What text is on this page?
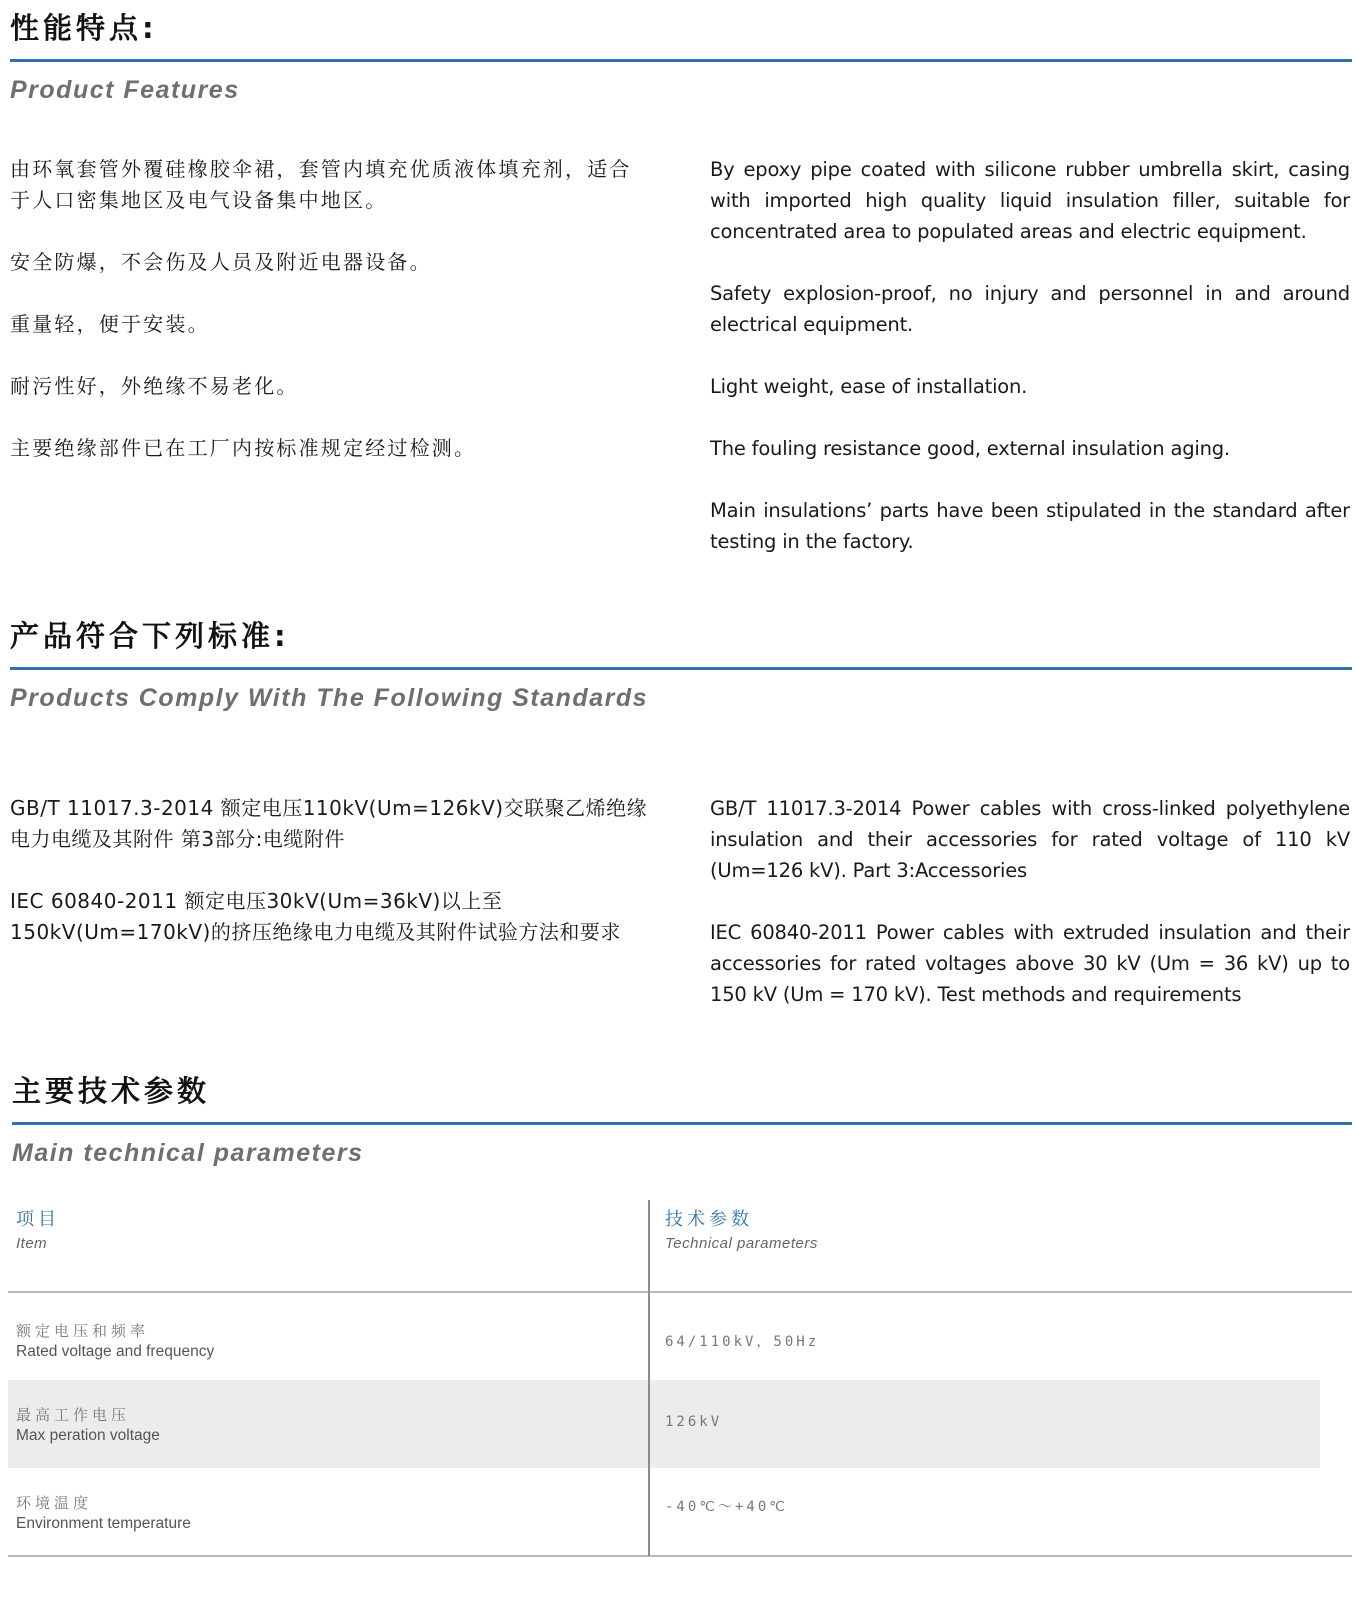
性能特点:
Product Features

由环氧套管外覆硅橡胶伞裙，套管内填充优质液体填充剂，适合于人口密集地区及电气设备集中地区。

安全防爆，不会伤及人员及附近电器设备。

重量轻，便于安装。

耐污性好，外绝缘不易老化。

主要绝缘部件已在工厂内按标准规定经过检测。

By epoxy pipe coated with silicone rubber umbrella skirt, casing with imported high quality liquid insulation filler, suitable for concentrated area to populated areas and electric equipment.

Safety explosion-proof, no injury and personnel in and around electrical equipment.

Light weight, ease of installation.

The fouling resistance good, external insulation aging.

Main insulations’ parts have been stipulated in the standard after testing in the factory.

产品符合下列标准:
Products Comply With The Following Standards

GB/T 11017.3-2014 额定电压110kV(Um=126kV)交联聚乙烯绝缘电力电缆及其附件 第3部分:电缆附件

IEC 60840-2011 额定电压30kV(Um=36kV)以上至150kV(Um=170kV)的挤压绝缘电力电缆及其附件试验方法和要求

GB/T 11017.3-2014 Power cables with cross-linked polyethylene insulation and their accessories for rated voltage of 110 kV (Um=126 kV). Part 3:Accessories

IEC 60840-2011 Power cables with extruded insulation and their accessories for rated voltages above 30 kV (Um = 36 kV) up to 150 kV (Um = 170 kV). Test methods and requirements

主要技术参数
Main technical parameters

项目

Item

技术参数

Technical parameters

额定电压和频率

Rated voltage and frequency

64/110kV，50Hz

最高工作电压

Max peration voltage

126kV

环境温度

Environment temperature

-40℃～+40℃
